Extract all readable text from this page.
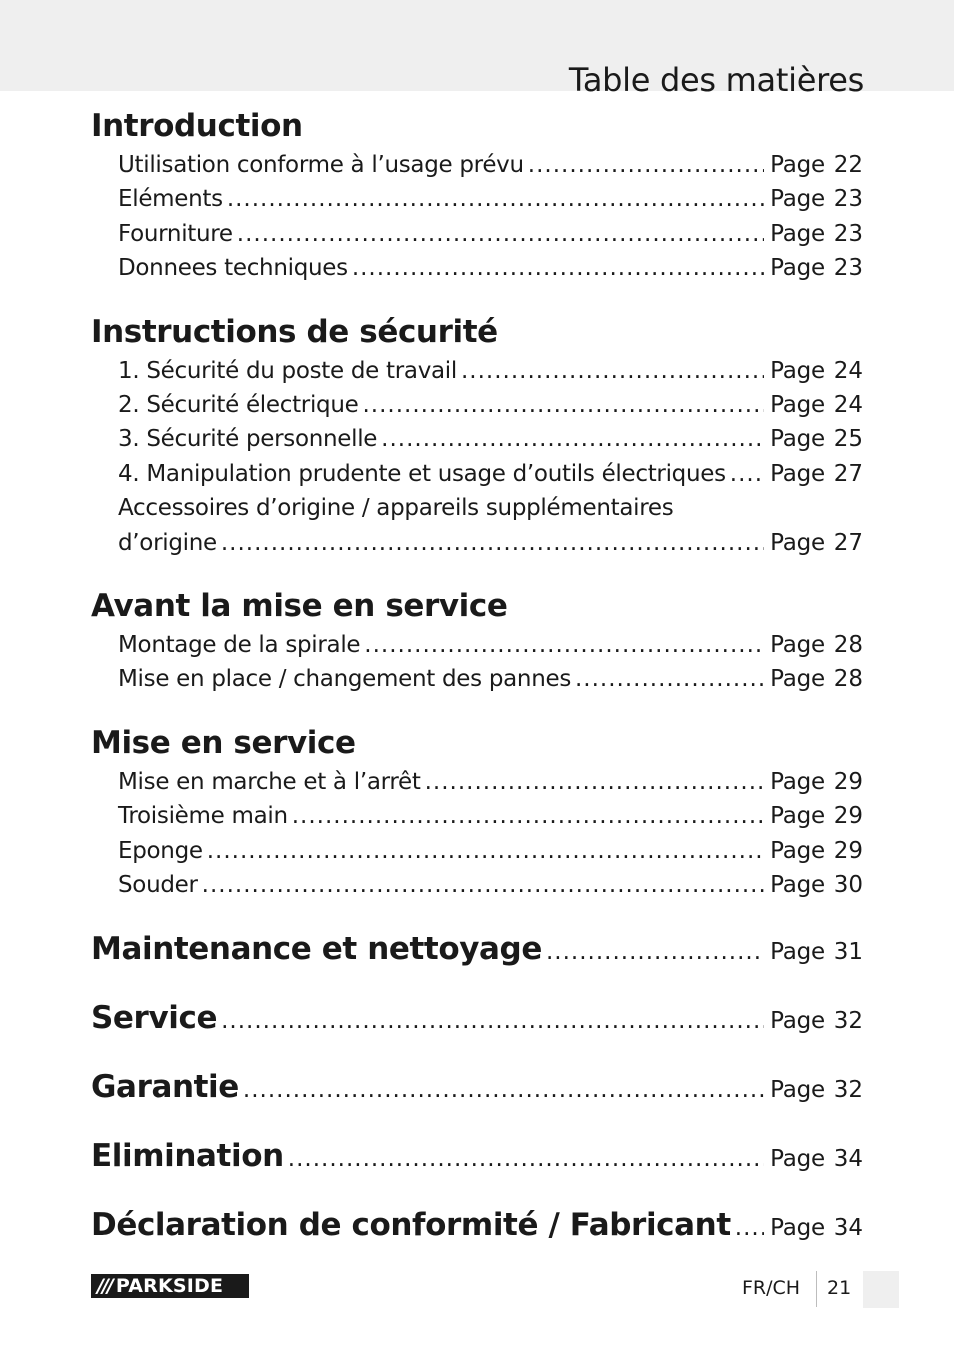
Table des matières
Introduction
Utilisation conforme à l’usage prévu .....	Page 22
Eléments .....	Page 23
Fourniture .....	Page 23
Donnees techniques .....	Page 23
Instructions de sécurité
1. Sécurité du poste de travail .....	Page 24
2. Sécurité électrique .....	Page 24
3. Sécurité personnelle .....	Page 25
4. Manipulation prudente et usage d’outils électriques ..... Page 27
Accessoires d’origine / appareils supplémentaires
d’origine .....	Page 27
Avant la mise en service
Montage de la spirale .....	Page 28
Mise en place / changement des pannes .....	Page 28
Mise en service
Mise en marche et à l’arrêt .....	Page 29
Troisième main .....	Page 29
Eponge .....	Page 29
Souder .....	Page 30
Maintenance et nettoyage .....	Page 31
Service .....	Page 32
Garantie .....	Page 32
Elimination .....	Page 34
Déclaration de conformité / Fabricant ..... Page 34
/// PARKSIDE	FR/CH 21
